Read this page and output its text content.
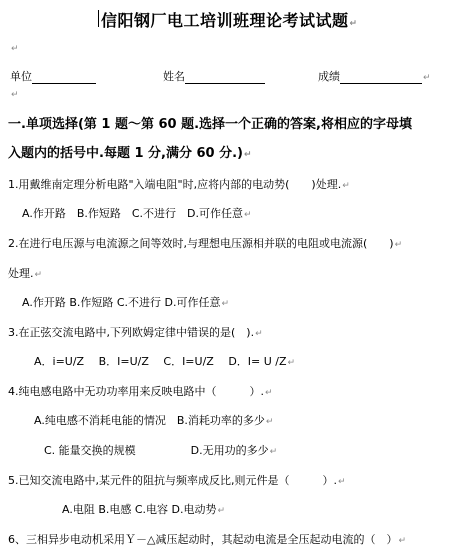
信阳钢厂电工培训班理论考试试题↵
↵
单位	姓名	成绩	↵
↵
一.单项选择(第 1 题～第 60 题.选择一个正确的答案,将相应的字母填
入题内的括号中.每题 1 分,满分 60 分.)↵
1.用戴维南定理分析电路"入端电阻"时,应将内部的电动势(　　)处理.↵
A.作开路　B.作短路　C.不进行　D.可作任意↵
2.在进行电压源与电流源之间等效时,与理想电压源相并联的电阻或电流源(　　)↵
处理.↵
A.作开路 B.作短路 C.不进行 D.可作任意↵
3.在正弦交流电路中,下列欧姆定律中错误的是(　).↵
A．i=U/Z　 B．I=U/Z　 C．I=U/Z　 D．I= U /Z↵
4.纯电感电路中无功功率用来反映电路中（　　　）.↵
A.纯电感不消耗电能的情况　B.消耗功率的多少↵
C. 能量交换的规模　　　　　D.无用功的多少↵
5.已知交流电路中,某元件的阻抗与频率成反比,则元件是（　　　）.↵
A.电阻 B.电感 C.电容 D.电动势↵
6、三相异步电动机采用Ｙ－△减压起动时，其起动电流是全压起动电流的（　）↵
